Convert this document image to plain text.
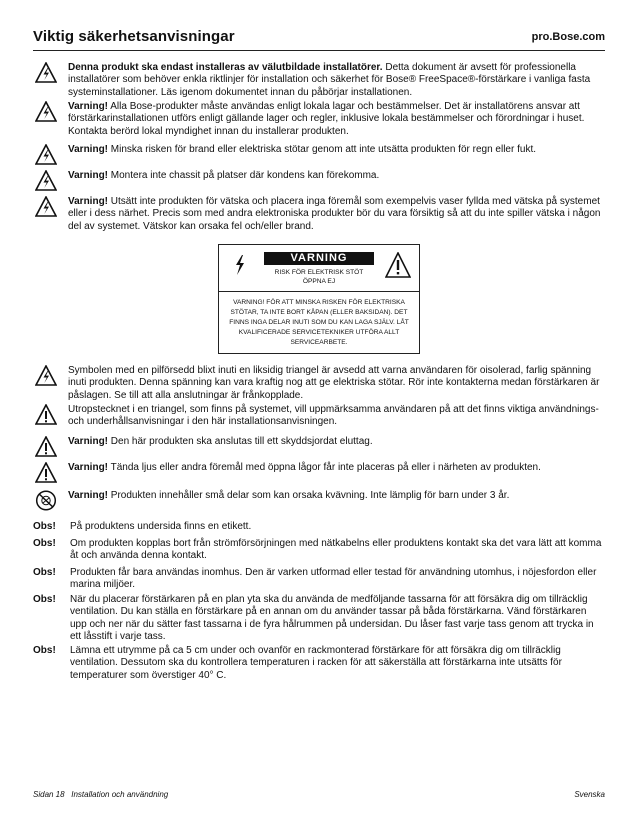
Viktig säkerhetsanvisningar	pro.Bose.com
Denna produkt ska endast installeras av välutbildade installatörer. Detta dokument är avsett för professionella installatörer som behöver enkla riktlinjer för installation och säkerhet för Bose® FreeSpace®-förstärkare i vanliga fasta systeminstallationer. Läs igenom dokumentet innan du påbörjar installationen.
Varning! Alla Bose-produkter måste användas enligt lokala lagar och bestämmelser. Det är installatörens ansvar att förstärkarinstallationen utförs enligt gällande lager och regler, inklusive lokala bestämmelser och förordningar i huset. Kontakta berörd lokal myndighet innan du installerar produkten.
Varning! Minska risken för brand eller elektriska stötar genom att inte utsätta produkten för regn eller fukt.
Varning! Montera inte chassit på platser där kondens kan förekomma.
Varning! Utsätt inte produkten för vätska och placera inga föremål som exempelvis vaser fyllda med vätska på systemet eller i dess närhet. Precis som med andra elektroniska produkter bör du vara försiktig så att du inte spiller vätska i någon del av systemet. Vätskor kan orsaka fel och/eller brand.
VARNING
RISK FÖR ELEKTRISK STÖT ÖPPNA EJ
VARNING! FÖR ATT MINSKA RISKEN FÖR ELEKTRISKA STÖTAR, TA INTE BORT KÅPAN (ELLER BAKSIDAN). DET FINNS INGA DELAR INUTI SOM DU KAN LAGA SJÄLV. LÅT KVALIFICERADE SERVICETEKNIKER UTFÖRA ALLT SERVICEARBETE.
Symbolen med en pilförsedd blixt inuti en liksidig triangel är avsedd att varna användaren för oisolerad, farlig spänning inuti produkten. Denna spänning kan vara kraftig nog att ge elektriska stötar. Rör inte kontakterna medan förstärkaren är påslagen. Se till att alla anslutningar är frånkopplade.
Utropstecknet i en triangel, som finns på systemet, vill uppmärksamma användaren på att det finns viktiga användnings- och underhållsanvisningar i den här installationsanvisningen.
Varning! Den här produkten ska anslutas till ett skyddsjordat eluttag.
Varning! Tända ljus eller andra föremål med öppna lågor får inte placeras på eller i närheten av produkten.
Varning! Produkten innehåller små delar som kan orsaka kvävning. Inte lämplig för barn under 3 år.
Obs! På produktens undersida finns en etikett.
Obs! Om produkten kopplas bort från strömförsörjningen med nätkabelns eller produktens kontakt ska det vara lätt att komma åt och använda denna kontakt.
Obs! Produkten får bara användas inomhus. Den är varken utformad eller testad för användning utomhus, i nöjesfordon eller marina miljöer.
Obs! När du placerar förstärkaren på en plan yta ska du använda de medföljande tassarna för att försäkra dig om tillräcklig ventilation. Du kan ställa en förstärkare på en annan om du använder tassar på båda förstärkarna. Vänd förstärkaren upp och ner när du sätter fast tassarna i de fyra hålrummen på undersidan. Du låser fast varje tass genom att trycka in ett låsstift i varje tass.
Obs! Lämna ett utrymme på ca 5 cm under och ovanför en rackmonterad förstärkare för att försäkra dig om tillräcklig ventilation. Dessutom ska du kontrollera temperaturen i racken för att säkerställa att förstärkarna inte utsätts för temperaturer som överstiger 40° C.
Sidan 18   Installation och användning	Svenska
